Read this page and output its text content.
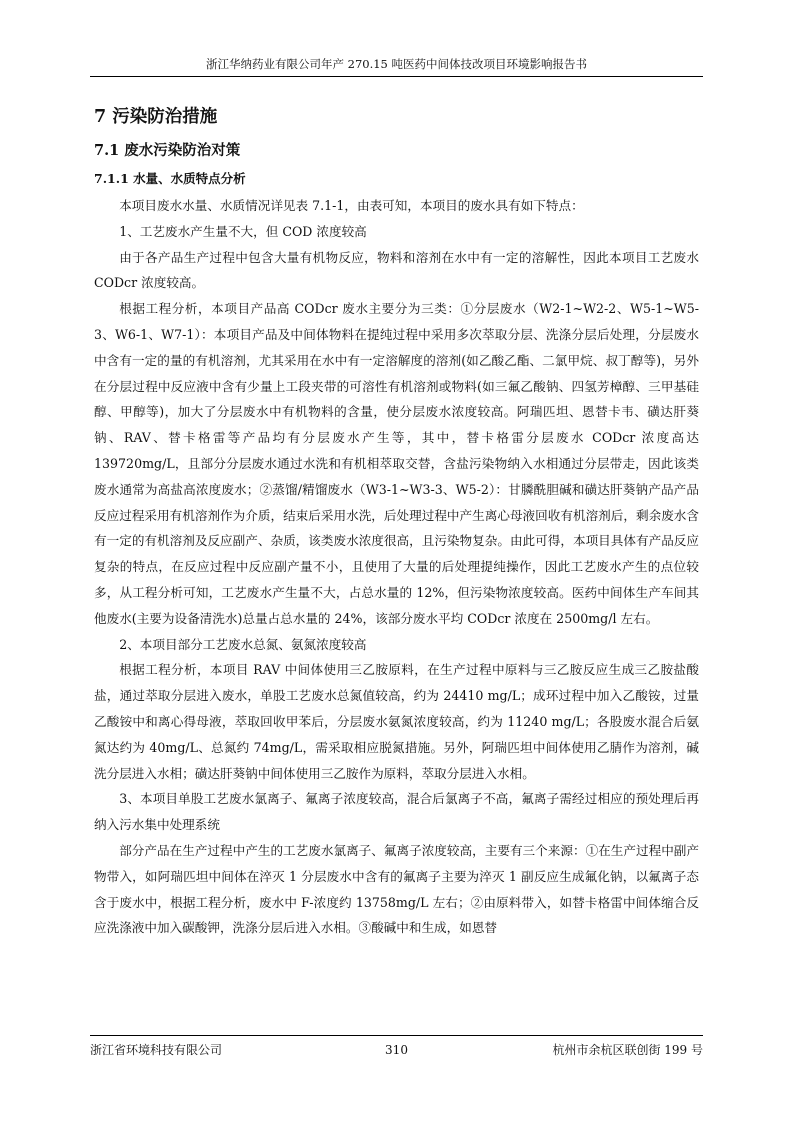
浙江华纳药业有限公司年产 270.15 吨医药中间体技改项目环境影响报告书
7 污染防治措施
7.1 废水污染防治对策
7.1.1 水量、水质特点分析

本项目废水水量、水质情况详见表 7.1-1，由表可知，本项目的废水具有如下特点：

1、工艺废水产生量不大，但 COD 浓度较高

由于各产品生产过程中包含大量有机物反应，物料和溶剂在水中有一定的溶解性，因此本项目工艺废水 CODcr 浓度较高。

根据工程分析，本项目产品高 CODcr 废水主要分为三类：①分层废水（W2-1~W2-2、W5-1~W5-3、W6-1、W7-1）：本项目产品及中间体物料在提纯过程中采用多次萃取分层、洗涤分层后处理，分层废水中含有一定的量的有机溶剂，尤其采用在水中有一定溶解度的溶剂(如乙酸乙酯、二氯甲烷、叔丁醇等)，另外在分层过程中反应液中含有少量上工段夹带的可溶性有机溶剂或物料(如三氟乙酸钠、四氢芳樟醇、三甲基硅醇、甲醇等)，加大了分层废水中有机物料的含量，使分层废水浓度较高。阿瑞匹坦、恩替卡韦、磺达肝葵钠、RAV、替卡格雷等产品均有分层废水产生等，其中，替卡格雷分层废水 CODcr 浓度高达 139720mg/L，且部分分层废水通过水洗和有机相萃取交替，含盐污染物纳入水相通过分层带走，因此该类废水通常为高盐高浓度废水；②蒸馏/精馏废水（W3-1~W3-3、W5-2）：甘膦酰胆碱和磺达肝葵钠产品产品反应过程采用有机溶剂作为介质，结束后采用水洗，后处理过程中产生离心母液回收有机溶剂后，剩余废水含有一定的有机溶剂及反应副产、杂质，该类废水浓度很高，且污染物复杂。由此可得，本项目具体有产品反应复杂的特点，在反应过程中反应副产量不小，且使用了大量的后处理提纯操作，因此工艺废水产生的点位较多，从工程分析可知，工艺废水产生量不大，占总水量的 12%，但污染物浓度较高。医药中间体生产车间其他废水(主要为设备清洗水)总量占总水量的 24%，该部分废水平均 CODcr 浓度在 2500mg/l 左右。

2、本项目部分工艺废水总氮、氨氮浓度较高

根据工程分析，本项目 RAV 中间体使用三乙胺原料，在生产过程中原料与三乙胺反应生成三乙胺盐酸盐，通过萃取分层进入废水，单股工艺废水总氮值较高，约为 24410 mg/L；成环过程中加入乙酸铵，过量乙酸铵中和离心得母液，萃取回收甲苯后，分层废水氨氮浓度较高，约为 11240 mg/L；各股废水混合后氨氮达约为 40mg/L、总氮约 74mg/L，需采取相应脱氮措施。另外，阿瑞匹坦中间体使用乙腈作为溶剂，碱洗分层进入水相；磺达肝葵钠中间体使用三乙胺作为原料，萃取分层进入水相。

3、本项目单股工艺废水氯离子、氟离子浓度较高，混合后氯离子不高，氟离子需经过相应的预处理后再纳入污水集中处理系统

部分产品在生产过程中产生的工艺废水氯离子、氟离子浓度较高，主要有三个来源：①在生产过程中副产物带入，如阿瑞匹坦中间体在淬灭 1 分层废水中含有的氟离子主要为淬灭 1 副反应生成氟化钠，以氟离子态含于废水中，根据工程分析，废水中 F-浓度约 13758mg/L 左右；②由原料带入，如替卡格雷中间体缩合反应洗涤液中加入碳酸钾，洗涤分层后进入水相。③酸碱中和生成，如恩替

浙江省环境科技有限公司	310	杭州市余杭区联创街 199 号
